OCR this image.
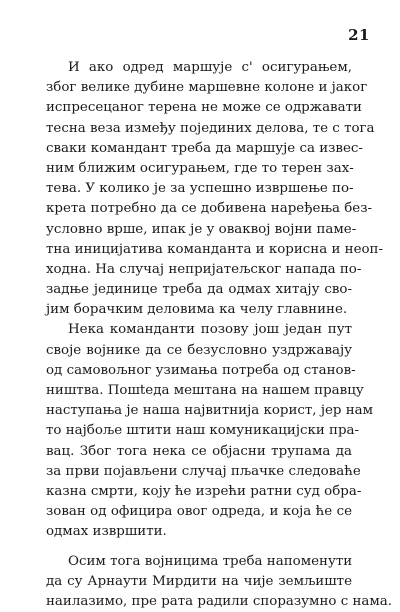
21
И ако одред маршује с' осигурањем,
због велике дубине маршевне колоне и јаког
испресецаног терена не може се одржавати
тесна веза између појединих делова, те с тога
сваки командант треба да маршује са извес-
ним ближим осигурањем, где то терен зах-
тева. У колико је за успешно извршење по-
крета потребно да се добивена наређења без-
условно врше, ипак је у оваквој војни паме-
тна иницијатива команданта и корисна и неоп-
ходна. На случај непријатељског напада по-
задње јединице треба да одмах хитају сво-
јим борачким деловима ка челу главнине.
Нека команданти позову још један пут
своје војнике да се безусловно уздржавају
од самовољног узимања потреба од станов-
ништва. Пошteда мештана на нашем правцу
наступања је наша највитнија корист, јер нам
то најбоље штити наш комуникацијски пра-
вац. Због тога нека се објасни трупама да
за први појављени случај пљачке следоваће
казна смрти, коју ће изрећи ратни суд обра-
зован од официра овог одреда, и која ће се
одмах извршити.
Осим тога војницима треба напоменути
да су Арнаути Мирдити на чије земљиште
наилазимо, пре рата радили споразумно с нама.
